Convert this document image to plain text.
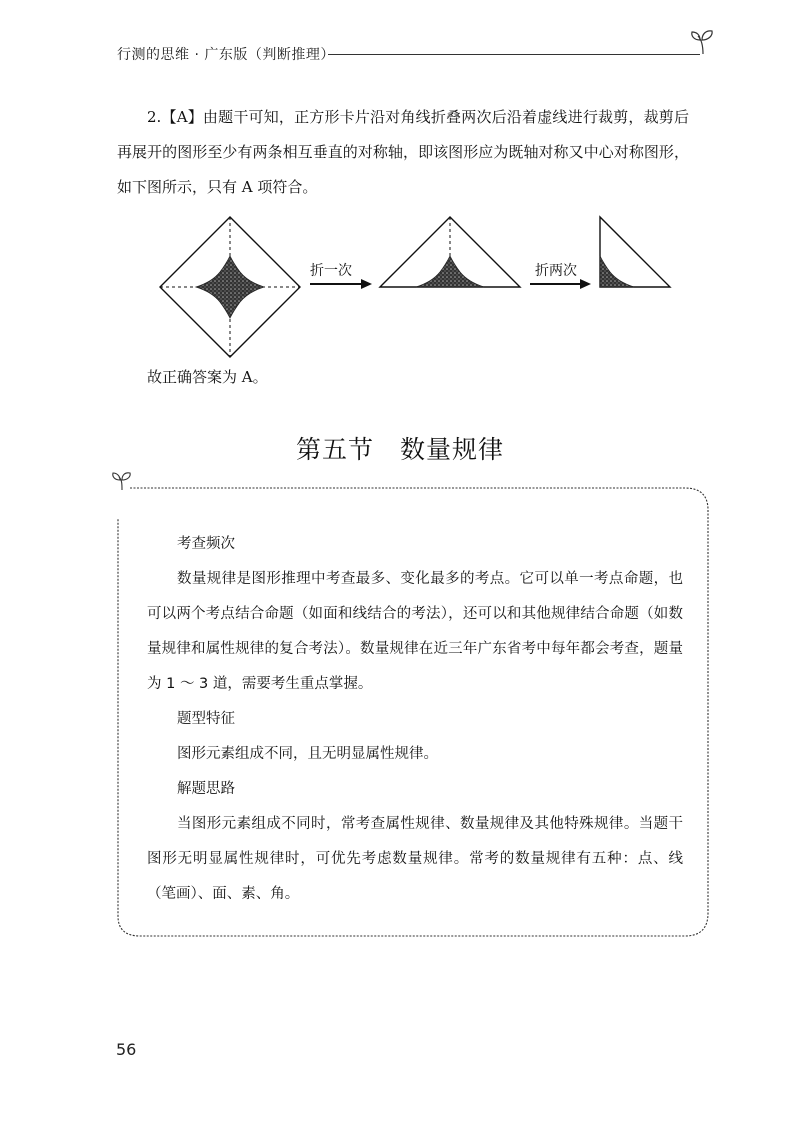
行测的思维 · 广东版（判断推理）
2.【A】由题干可知，正方形卡片沿对角线折叠两次后沿着虚线进行裁剪，裁剪后再展开的图形至少有两条相互垂直的对称轴，即该图形应为既轴对称又中心对称图形，如下图所示，只有 A 项符合。
折一次	折两次
故正确答案为 A。
第五节　数量规律
考查频次
数量规律是图形推理中考查最多、变化最多的考点。它可以单一考点命题，也可以两个考点结合命题（如面和线结合的考法），还可以和其他规律结合命题（如数量规律和属性规律的复合考法）。数量规律在近三年广东省考中每年都会考查，题量为 1 ～ 3 道，需要考生重点掌握。
题型特征
图形元素组成不同，且无明显属性规律。
解题思路
当图形元素组成不同时，常考查属性规律、数量规律及其他特殊规律。当题干图形无明显属性规律时，可优先考虑数量规律。常考的数量规律有五种：点、线（笔画）、面、素、角。
56
